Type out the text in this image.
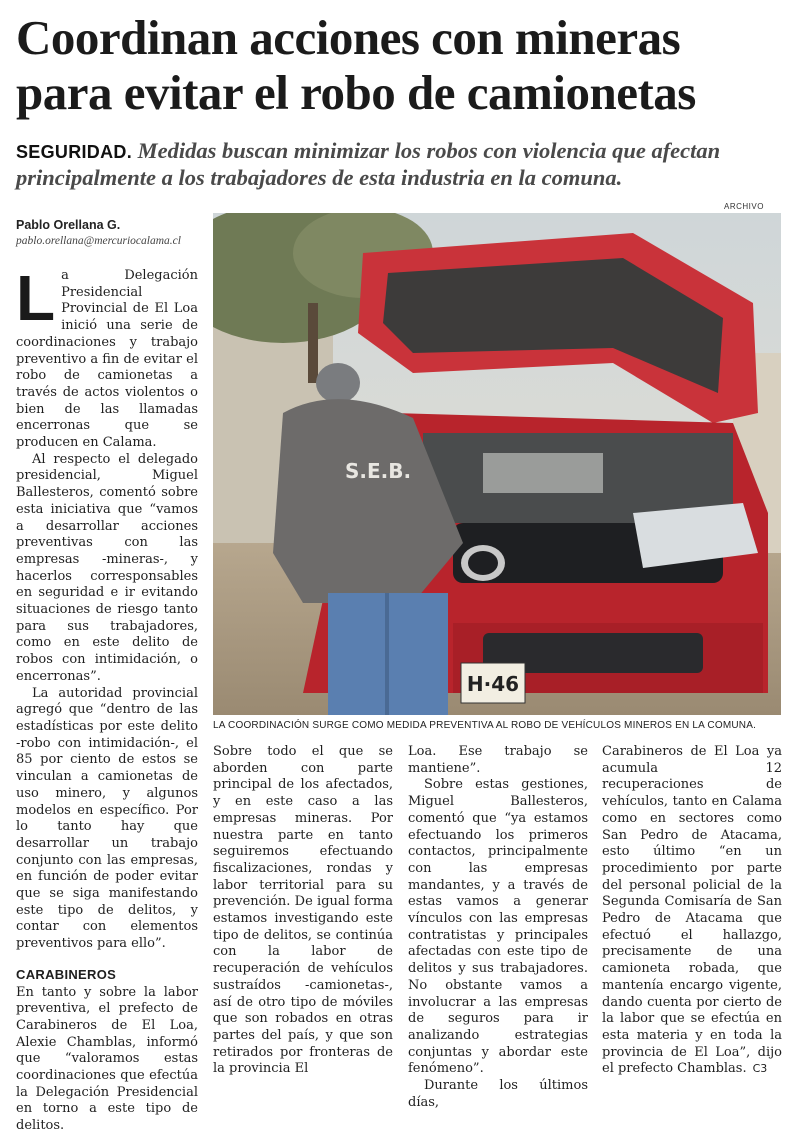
Coordinan acciones con mineras
para evitar el robo de camionetas
SEGURIDAD. Medidas buscan minimizar los robos con violencia que afectan principalmente a los trabajadores de esta industria en la comuna.
Pablo Orellana G.
pablo.orellana@mercuriocalama.cl
ARCHIVO
H·46
S.E.B.
LA COORDINACIÓN SURGE COMO MEDIDA PREVENTIVA AL ROBO DE VEHÍCULOS MINEROS EN LA COMUNA.

La Delegación Presidencial Provincial de El Loa inició una serie de coordinaciones y trabajo preventivo a fin de evitar el robo de camionetas a través de actos violentos o bien de las llamadas encerronas que se producen en Calama.

Al respecto el delegado presidencial, Miguel Ballesteros, comentó sobre esta iniciativa que “vamos a desarrollar acciones preventivas con las empresas -mineras-, y hacerlos corresponsables en seguridad e ir evitando situaciones de riesgo tanto para sus trabajadores, como en este delito de robos con intimidación, o encerronas”.

La autoridad provincial agregó que “dentro de las estadísticas por este delito -robo con intimidación-, el 85 por ciento de estos se vinculan a camionetas de uso minero, y algunos modelos en específico. Por lo tanto hay que desarrollar un trabajo conjunto con las empresas, en función de poder evitar que se siga manifestando este tipo de delitos, y contar con elementos preventivos para ello”.

CARABINEROS

En tanto y sobre la labor preventiva, el prefecto de Carabineros de El Loa, Alexie Chamblas, informó que “valoramos estas coordinaciones que efectúa la Delegación Presidencial en torno a este tipo de delitos.

Sobre todo el que se aborden con parte principal de los afectados, y en este caso a las empresas mineras. Por nuestra parte en tanto seguiremos efectuando fiscalizaciones, rondas y labor territorial para su prevención. De igual forma estamos investigando este tipo de delitos, se continúa con la labor de recuperación de vehículos sustraídos -camionetas-, así de otro tipo de móviles que son robados en otras partes del país, y que son retirados por fronteras de la provincia El

Loa. Ese trabajo se mantiene”.

Sobre estas gestiones, Miguel Ballesteros, comentó que “ya estamos efectuando los primeros contactos, principalmente con las empresas mandantes, y a través de estas vamos a generar vínculos con las empresas contratistas y principales afectadas con este tipo de delitos y sus trabajadores. No obstante vamos a involucrar a las empresas de seguros para ir analizando estrategias conjuntas y abordar este fenómeno”.

Durante los últimos días,

Carabineros de El Loa ya acumula 12 recuperaciones de vehículos, tanto en Calama como en sectores como San Pedro de Atacama, esto último “en un procedimiento por parte del personal policial de la Segunda Comisaría de San Pedro de Atacama que efectuó el hallazgo, precisamente de una camioneta robada, que mantenía encargo vigente, dando cuenta por cierto de la labor que se efectúa en esta materia y en toda la provincia de El Loa”, dijo el prefecto Chamblas. C3
